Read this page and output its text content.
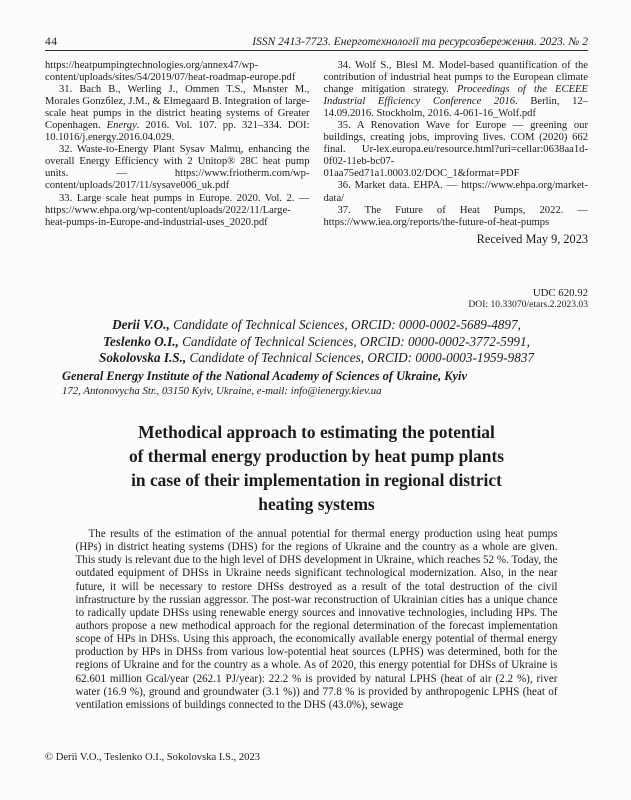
44	ISSN 2413-7723. Енерготехнології та ресурсозбереження. 2023. № 2

https://heatpumpingtechnologies.org/annex47/wp-content/uploads/sites/54/2019/07/heat-roadmap-europe.pdf

31. Bach B., Werling J., Ommen T.S., Mьnster M., Morales Gonzбlez, J.M., & Elmegaard B. Integration of large-scale heat pumps in the district heating systems of Greater Copenhagen. Energy. 2016. Vol. 107. pp. 321–334. DOI: 10.1016/j.energy.2016.04.029.

32. Waste-to-Energy Plant Sysav Malmц, enhancing the overall Energy Efficiency with 2 Unitop® 28C heat pump units. — https://www.friotherm.com/wp-content/uploads/2017/11/sysave006_uk.pdf

33. Large scale heat pumps in Europe. 2020. Vol. 2. — https://www.ehpa.org/wp-content/uploads/2022/11/Large-heat-pumps-in-Europe-and-industrial-uses_2020.pdf

34. Wolf S., Blesl M. Model-based quantification of the contribution of industrial heat pumps to the European climate change mitigation strategy. Proceedings of the ECEEE Industrial Efficiency Conference 2016. Berlin, 12–14.09.2016. Stockholm, 2016. 4-061-16_Wolf.pdf

35. A Renovation Wave for Europe — greening our buildings, creating jobs, improving lives. COM (2020) 662 final. Ur-lex.europa.eu/resource.html?uri=cellar:0638aa1d-0f02-11eb-bc07-01aa75ed71a1.0003.02/DOC_1&format=PDF

36. Market data. EHPA. — https://www.ehpa.org/market-data/

37. The Future of Heat Pumps, 2022. — https://www.iea.org/reports/the-future-of-heat-pumps

Received May 9, 2023

UDC 620.92
DOI: 10.33070/etars.2.2023.03
Derii V.O., Candidate of Technical Sciences, ORCID: 0000-0002-5689-4897,
Teslenko O.I., Candidate of Technical Sciences, ORCID: 0000-0002-3772-5991,
Sokolovska I.S., Candidate of Technical Sciences, ORCID: 0000-0003-1959-9837
General Energy Institute of the National Academy of Sciences of Ukraine, Kyiv
172, Antonovycha Str., 03150 Kyiv, Ukraine, e-mail: info@ienergy.kiev.ua
Methodical approach to estimating the potential
of thermal energy production by heat pump plants
in case of their implementation in regional district
heating systems

The results of the estimation of the annual potential for thermal energy production using heat pumps (HPs) in district heating systems (DHS) for the regions of Ukraine and the country as a whole are given. This study is relevant due to the high level of DHS development in Ukraine, which reaches 52 %. Today, the outdated equipment of DHSs in Ukraine needs significant technological modernization. Also, in the near future, it will be necessary to restore DHSs destroyed as a result of the total destruction of the civil infrastructure by the russian aggressor. The post-war reconstruction of Ukrainian cities has a unique chance to radically update DHSs using renewable energy sources and innovative technologies, including HPs. The authors propose a new methodical approach for the regional determination of the forecast implementation scope of HPs in DHSs. Using this approach, the economically available energy potential of thermal energy production by HPs in DHSs from various low-potential heat sources (LPHS) was determined, both for the regions of Ukraine and for the country as a whole. As of 2020, this energy potential for DHSs of Ukraine is 62.601 million Gcal/year (262.1 PJ/year): 22.2 % is provided by natural LPHS (heat of air (2.2 %), river water (16.9 %), ground and groundwater (3.1 %)) and 77.8 % is provided by anthropogenic LPHS (heat of ventilation emissions of buildings connected to the DHS (43.0%), sewage

© Derii V.O., Teslenko O.I., Sokolovska I.S., 2023
